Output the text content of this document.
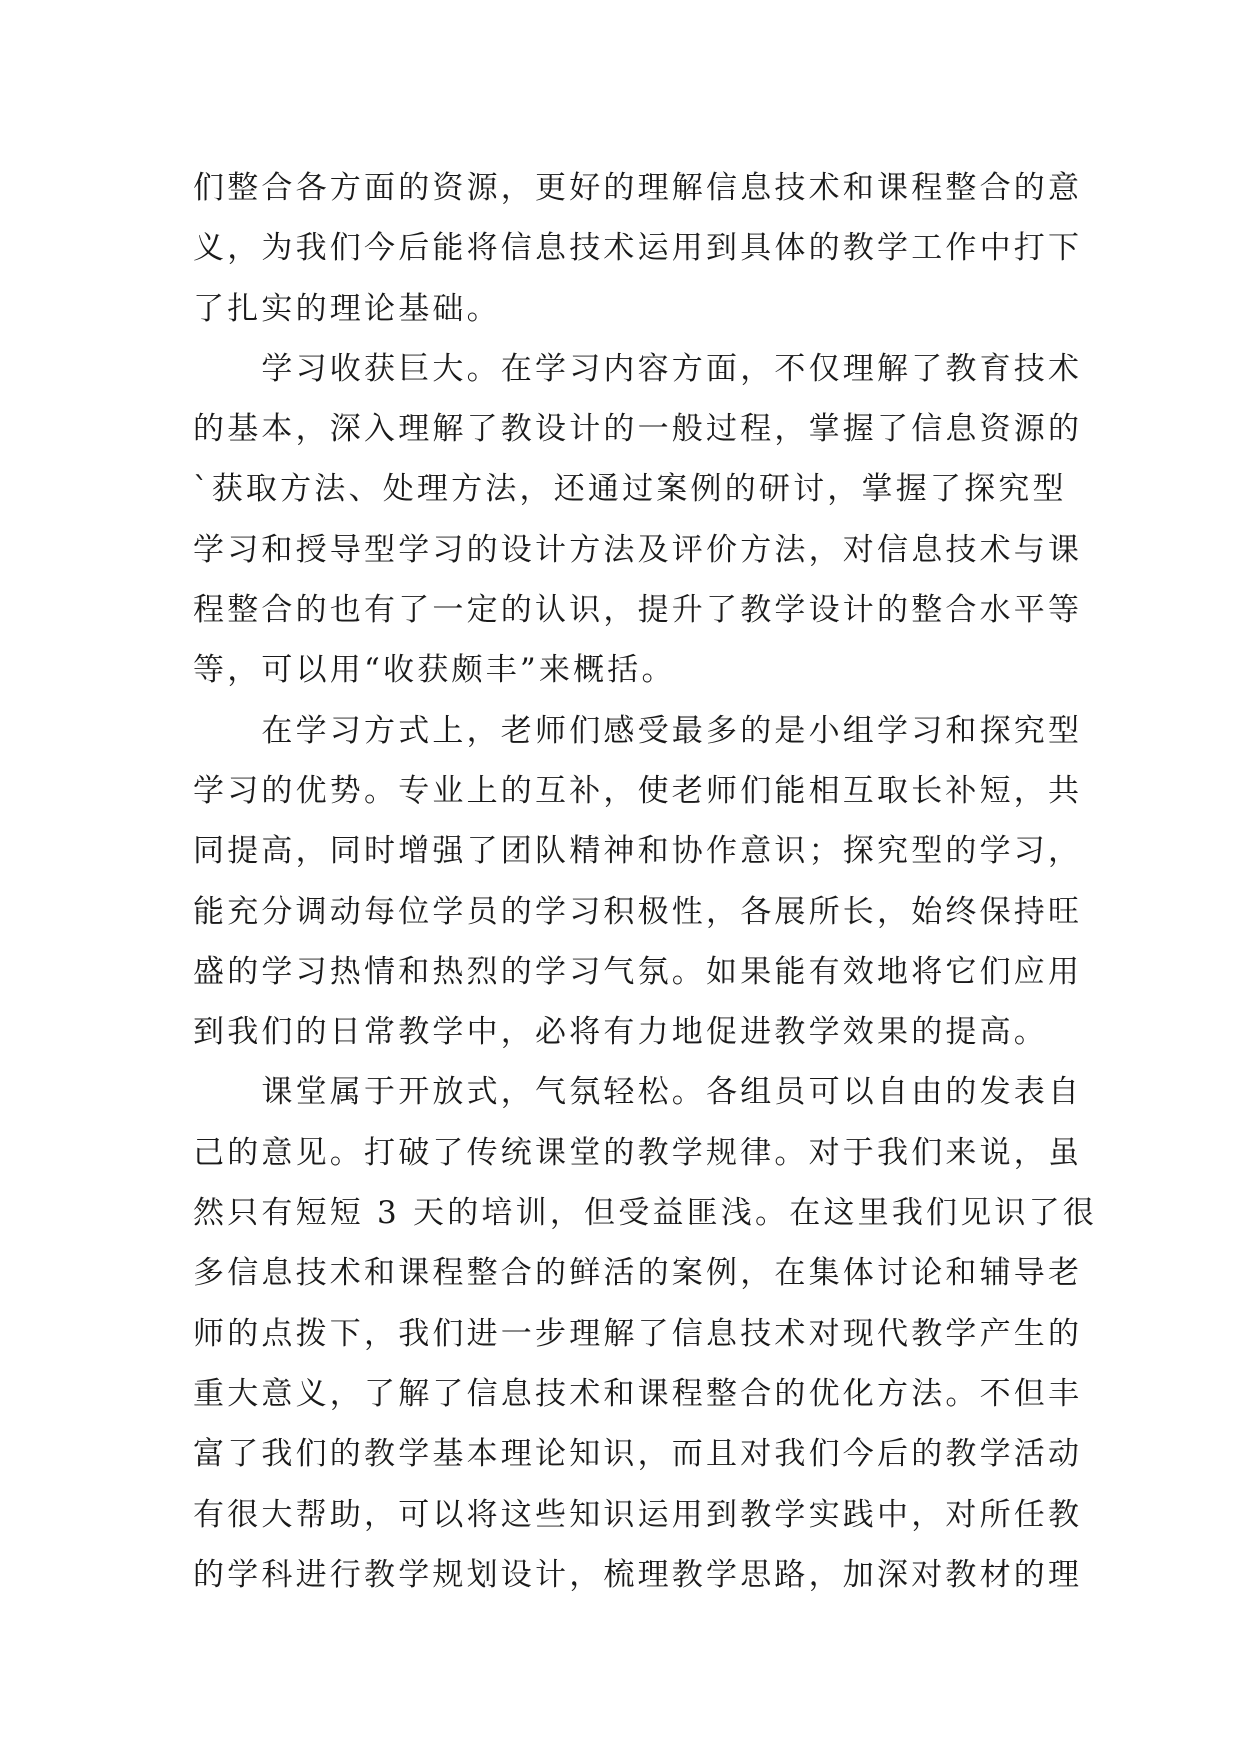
们整合各方面的资源，更好的理解信息技术和课程整合的意
义，为我们今后能将信息技术运用到具体的教学工作中打下
了扎实的理论基础。
　　学习收获巨大。在学习内容方面，不仅理解了教育技术
的基本，深入理解了教设计的一般过程，掌握了信息资源的
`获取方法、处理方法，还通过案例的研讨，掌握了探究型
学习和授导型学习的设计方法及评价方法，对信息技术与课
程整合的也有了一定的认识，提升了教学设计的整合水平等
等，可以用“收获颇丰”来概括。
　　在学习方式上，老师们感受最多的是小组学习和探究型
学习的优势。专业上的互补，使老师们能相互取长补短，共
同提高，同时增强了团队精神和协作意识；探究型的学习，
能充分调动每位学员的学习积极性，各展所长，始终保持旺
盛的学习热情和热烈的学习气氛。如果能有效地将它们应用
到我们的日常教学中，必将有力地促进教学效果的提高。
　　课堂属于开放式，气氛轻松。各组员可以自由的发表自
己的意见。打破了传统课堂的教学规律。对于我们来说，虽
然只有短短 3 天的培训，但受益匪浅。在这里我们见识了很
多信息技术和课程整合的鲜活的案例，在集体讨论和辅导老
师的点拨下，我们进一步理解了信息技术对现代教学产生的
重大意义，了解了信息技术和课程整合的优化方法。不但丰
富了我们的教学基本理论知识，而且对我们今后的教学活动
有很大帮助，可以将这些知识运用到教学实践中，对所任教
的学科进行教学规划设计，梳理教学思路，加深对教材的理
